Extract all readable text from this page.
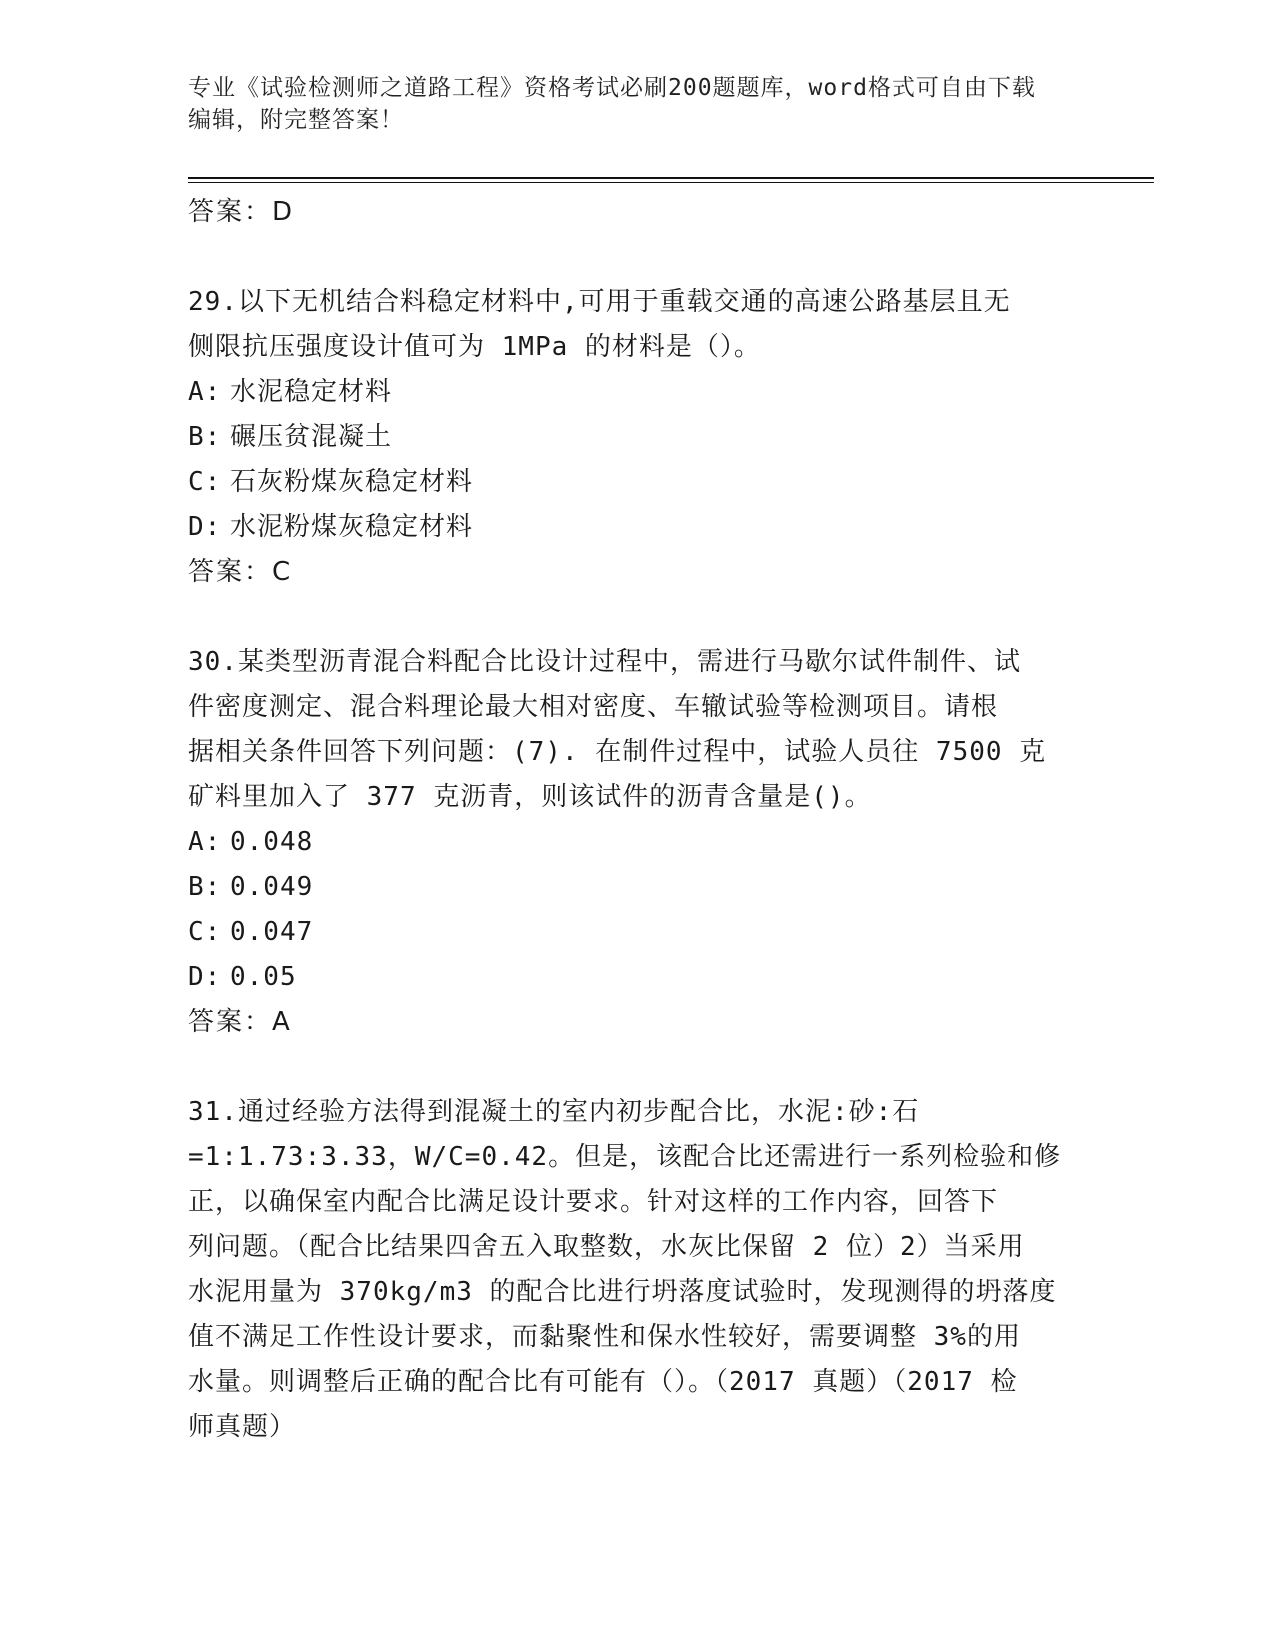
专业《试验检测师之道路工程》资格考试必刷200题题库，word格式可自由下载
编辑，附完整答案！
答案：D
29.以下无机结合料稳定材料中,可用于重载交通的高速公路基层且无
侧限抗压强度设计值可为 1MPa 的材料是（）。
A: 水泥稳定材料
B: 碾压贫混凝土
C: 石灰粉煤灰稳定材料
D: 水泥粉煤灰稳定材料
答案：C
30.某类型沥青混合料配合比设计过程中，需进行马歇尔试件制件、试
件密度测定、混合料理论最大相对密度、车辙试验等检测项目。请根
据相关条件回答下列问题：(7). 在制件过程中，试验人员往 7500 克
矿料里加入了 377 克沥青，则该试件的沥青含量是()。
A: 0.048
B: 0.049
C: 0.047
D: 0.05
答案：A
31.通过经验方法得到混凝土的室内初步配合比，水泥:砂:石
=1:1.73:3.33，W/C=0.42。但是，该配合比还需进行一系列检验和修
正，以确保室内配合比满足设计要求。针对这样的工作内容，回答下
列问题。（配合比结果四舍五入取整数，水灰比保留 2 位）2）当采用
水泥用量为 370kg/m3 的配合比进行坍落度试验时，发现测得的坍落度
值不满足工作性设计要求，而黏聚性和保水性较好，需要调整 3%的用
水量。则调整后正确的配合比有可能有（）。（2017 真题）（2017 检
师真题）
